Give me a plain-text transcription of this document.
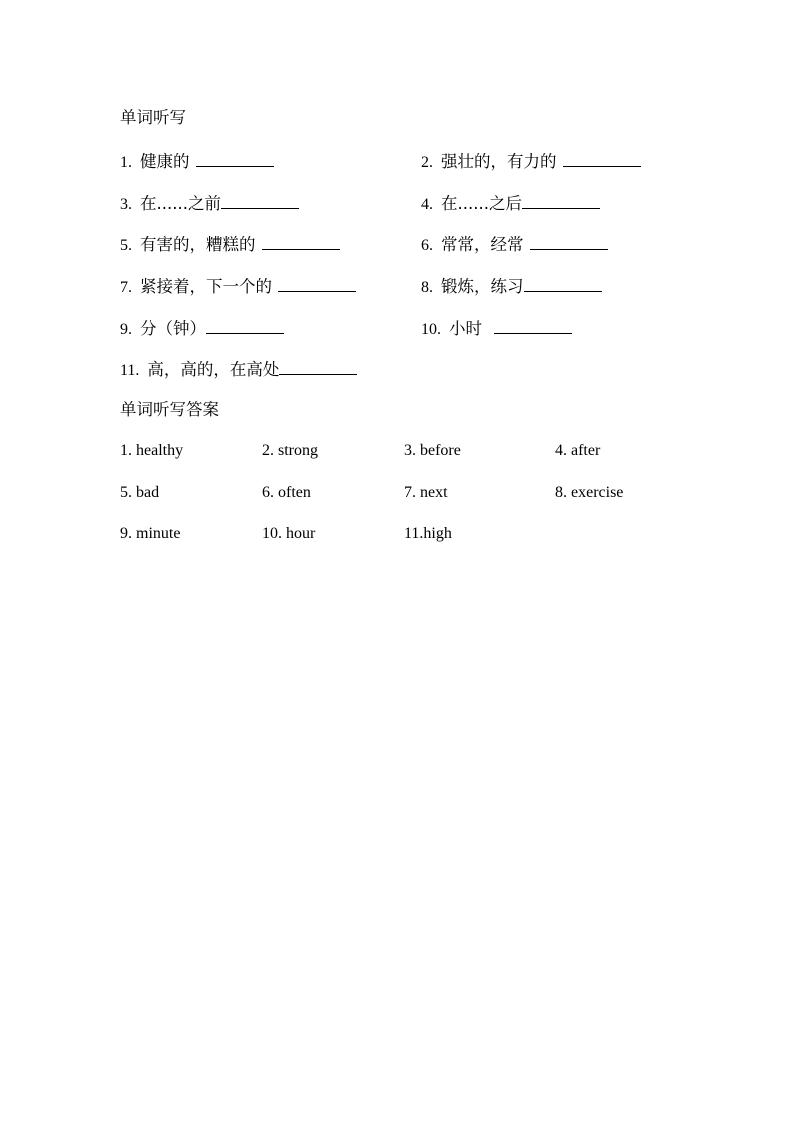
单词听写
1. 健康的	2. 强壮的，有力的
3. 在......之前	4. 在......之后
5. 有害的，糟糕的	6. 常常，经常
7. 紧接着，下一个的	8. 锻炼，练习
9. 分（钟）	10. 小时
11. 高，高的，在高处
单词听写答案
1. healthy	2. strong	3. before	4. after
5. bad	6. often	7. next	8. exercise
9. minute	10. hour	11.high
